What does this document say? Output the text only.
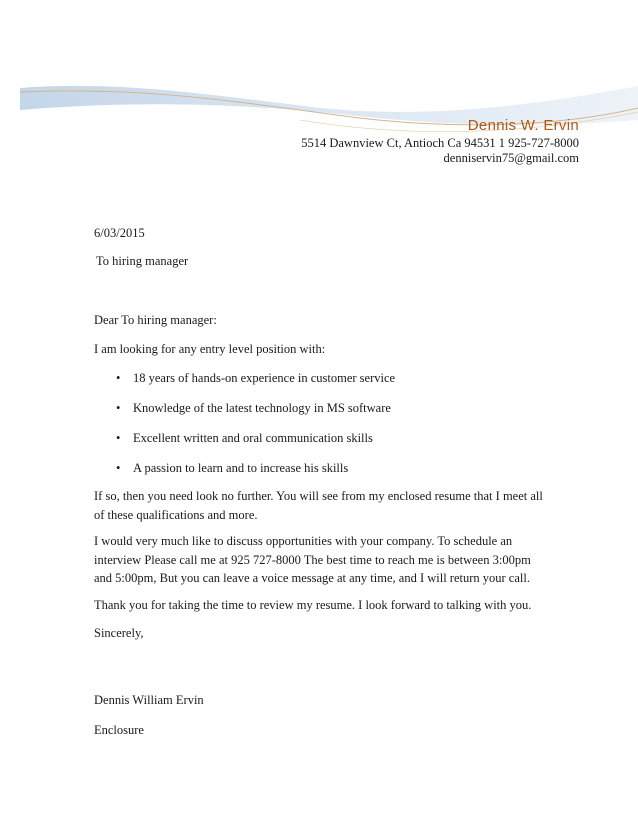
Dennis W. Ervin
5514 Dawnview Ct, Antioch Ca 94531 1 925-727-8000
denniservin75@gmail.com
6/03/2015
To hiring manager
Dear To hiring manager:
I am looking for any entry level position with:
• 18 years of hands-on experience in customer service
• Knowledge of the latest technology in MS software
• Excellent written and oral communication skills
• A passion to learn and to increase his skills
If so, then you need look no further. You will see from my enclosed resume that I meet all of these qualifications and more.
I would very much like to discuss opportunities with your company. To schedule an interview Please call me at 925 727-8000 The best time to reach me is between 3:00pm and 5:00pm, But you can leave a voice message at any time, and I will return your call.
Thank you for taking the time to review my resume. I look forward to talking with you.
Sincerely,
Dennis William Ervin
Enclosure
